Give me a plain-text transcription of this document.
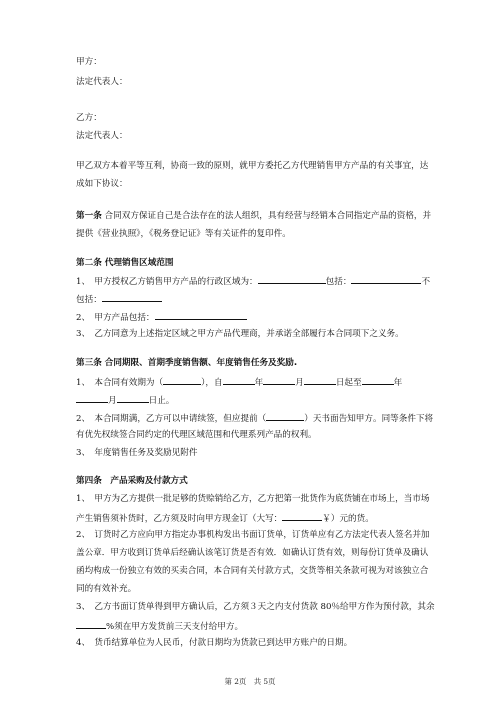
甲方：
法定代表人：
乙方：
法定代表人：
甲乙双方本着平等互利，协商一致的原则，就甲方委托乙方代理销售甲方产品的有关事宜，达
成如下协议：
第一条 合同双方保证自己是合法存在的法人组织，具有经营与经销本合同指定产品的资格，并
提供《营业执照》，《税务登记证》等有关证件的复印件。
第二条 代理销售区域范围
1、　甲方授权乙方销售甲方产品的行政区域为：	包括：	不
包括：
2、　甲方产品包括：
3、　乙方同意为上述指定区域之甲方产品代理商，并承诺全部履行本合同项下之义务。
第三条 合同期限、首期季度销售额、年度销售任务及奖励.
1、　本合同有效期为（	），自	年	月	日起至	年
月	日止。
2、　本合同期满，乙方可以申请续签，但应提前（	）天书面告知甲方。同等条件下将
有优先权续签合同约定的代理区域范围和代理系列产品的权利。
3、　年度销售任务及奖励见附件
第四条　产品采购及付款方式
1、　甲方为乙方提供一批足够的货赊销给乙方，乙方把第一批货作为底货铺在市场上，当市场
产生销售须补货时，乙方须及时向甲方现金订（大写：	￥）元的货。
2、　订货时乙方应向甲方指定办事机构发出书面订货单，订货单应有乙方法定代表人签名并加
盖公章．甲方收到订货单后经确认该笔订货是否有效．如确认订货有效，则每份订货单及确认
函均构成一份独立有效的买卖合同，本合同有关付款方式，交货等相关条款可视为对该独立合
同的有效补充。
3、　乙方书面订货单得到甲方确认后，乙方须３天之内支付货款 80％给甲方作为预付款，其余
%须在甲方发货前三天支付给甲方。
4、　货币结算单位为人民币，付款日期均为货款已到达甲方账户的日期。
第 2页　共 5页
